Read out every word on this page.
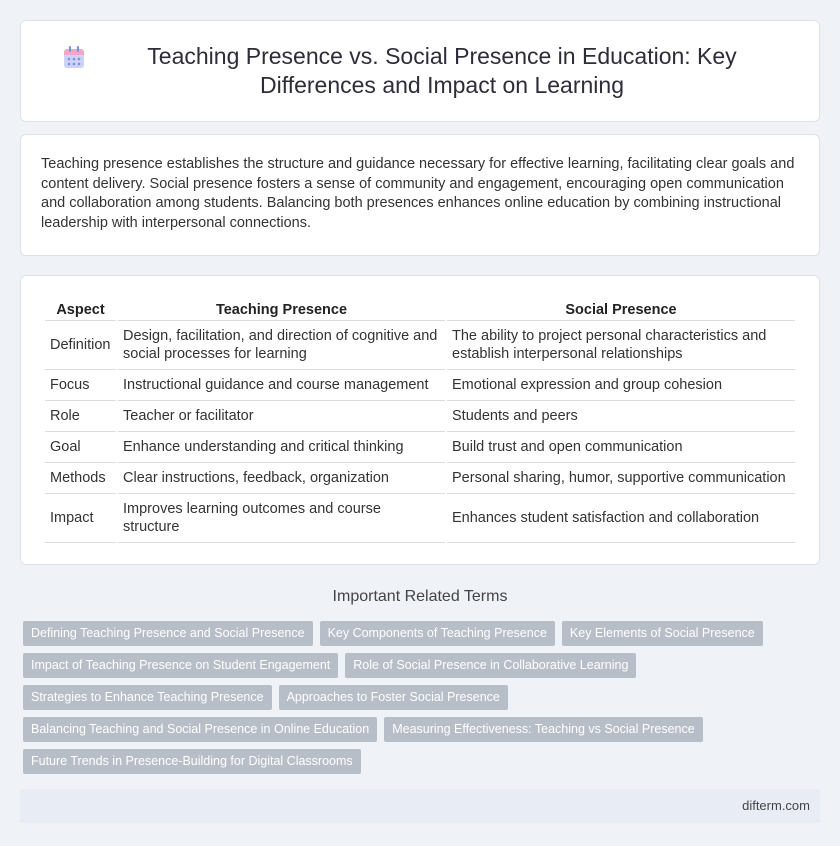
Teaching Presence vs. Social Presence in Education: Key Differences and Impact on Learning

Teaching presence establishes the structure and guidance necessary for effective learning, facilitating clear goals and content delivery. Social presence fosters a sense of community and engagement, encouraging open communication and collaboration among students. Balancing both presences enhances online education by combining instructional leadership with interpersonal connections.

Aspect	Teaching Presence	Social Presence
Definition	Design, facilitation, and direction of cognitive and social processes for learning	The ability to project personal characteristics and establish interpersonal relationships
Focus	Instructional guidance and course management	Emotional expression and group cohesion
Role	Teacher or facilitator	Students and peers
Goal	Enhance understanding and critical thinking	Build trust and open communication
Methods	Clear instructions, feedback, organization	Personal sharing, humor, supportive communication
Impact	Improves learning outcomes and course structure	Enhances student satisfaction and collaboration
Important Related Terms
Defining Teaching Presence and Social Presence	Key Components of Teaching Presence	Key Elements of Social Presence
Impact of Teaching Presence on Student Engagement	Role of Social Presence in Collaborative Learning
Strategies to Enhance Teaching Presence	Approaches to Foster Social Presence
Balancing Teaching and Social Presence in Online Education	Measuring Effectiveness: Teaching vs Social Presence
Future Trends in Presence-Building for Digital Classrooms
difterm.com
